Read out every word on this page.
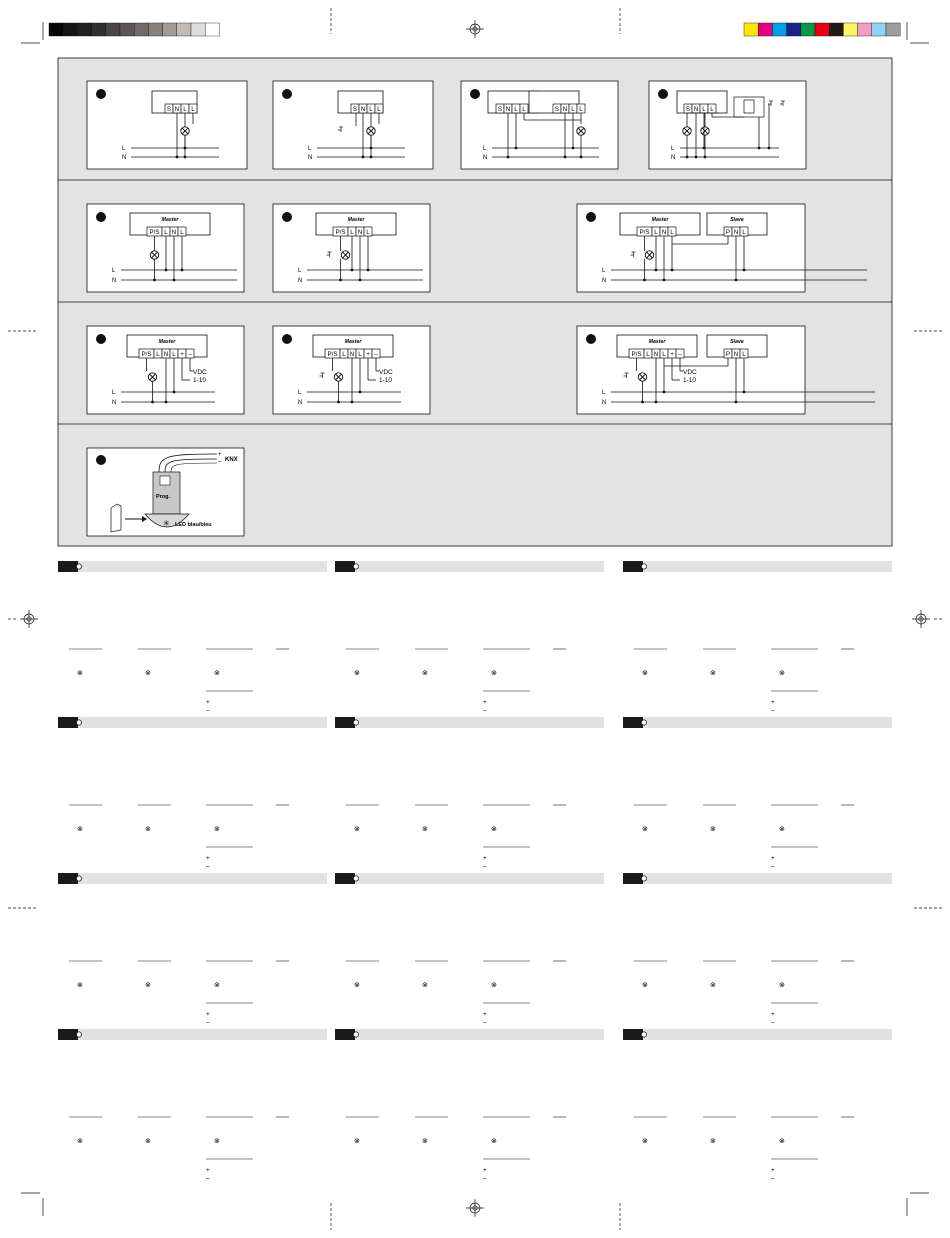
S N L L
L
N
S N L L
L
N
S N L L	S N L L
L
N
S N L L
L
N
Master
P/S L N L
L
N
Master
P/S L N L
L
N
Master
P/S L N L
L
N
Slave
P N L
Master
P/S L N L + –
L
N
VDC
1-10
Master
P/S L N L + –
L
N
VDC
1-10
Master
P/S L N L + –
L
N
VDC
1-10
Slave
P N L
Prog.
+
– KNX
LED blau/bleu
✳
⊗	⊗	⊗
+
–
⊗	⊗	⊗
+
–
⊗	⊗	⊗
+
–
⊗	⊗	⊗
+
–
⊗	⊗	⊗
+
–
⊗	⊗	⊗
+
–
⊗	⊗	⊗
+
–
⊗	⊗	⊗
+
–
⊗	⊗	⊗
+
–
⊗	⊗	⊗
+
–
⊗	⊗	⊗
+
–
⊗	⊗	⊗
+
–
